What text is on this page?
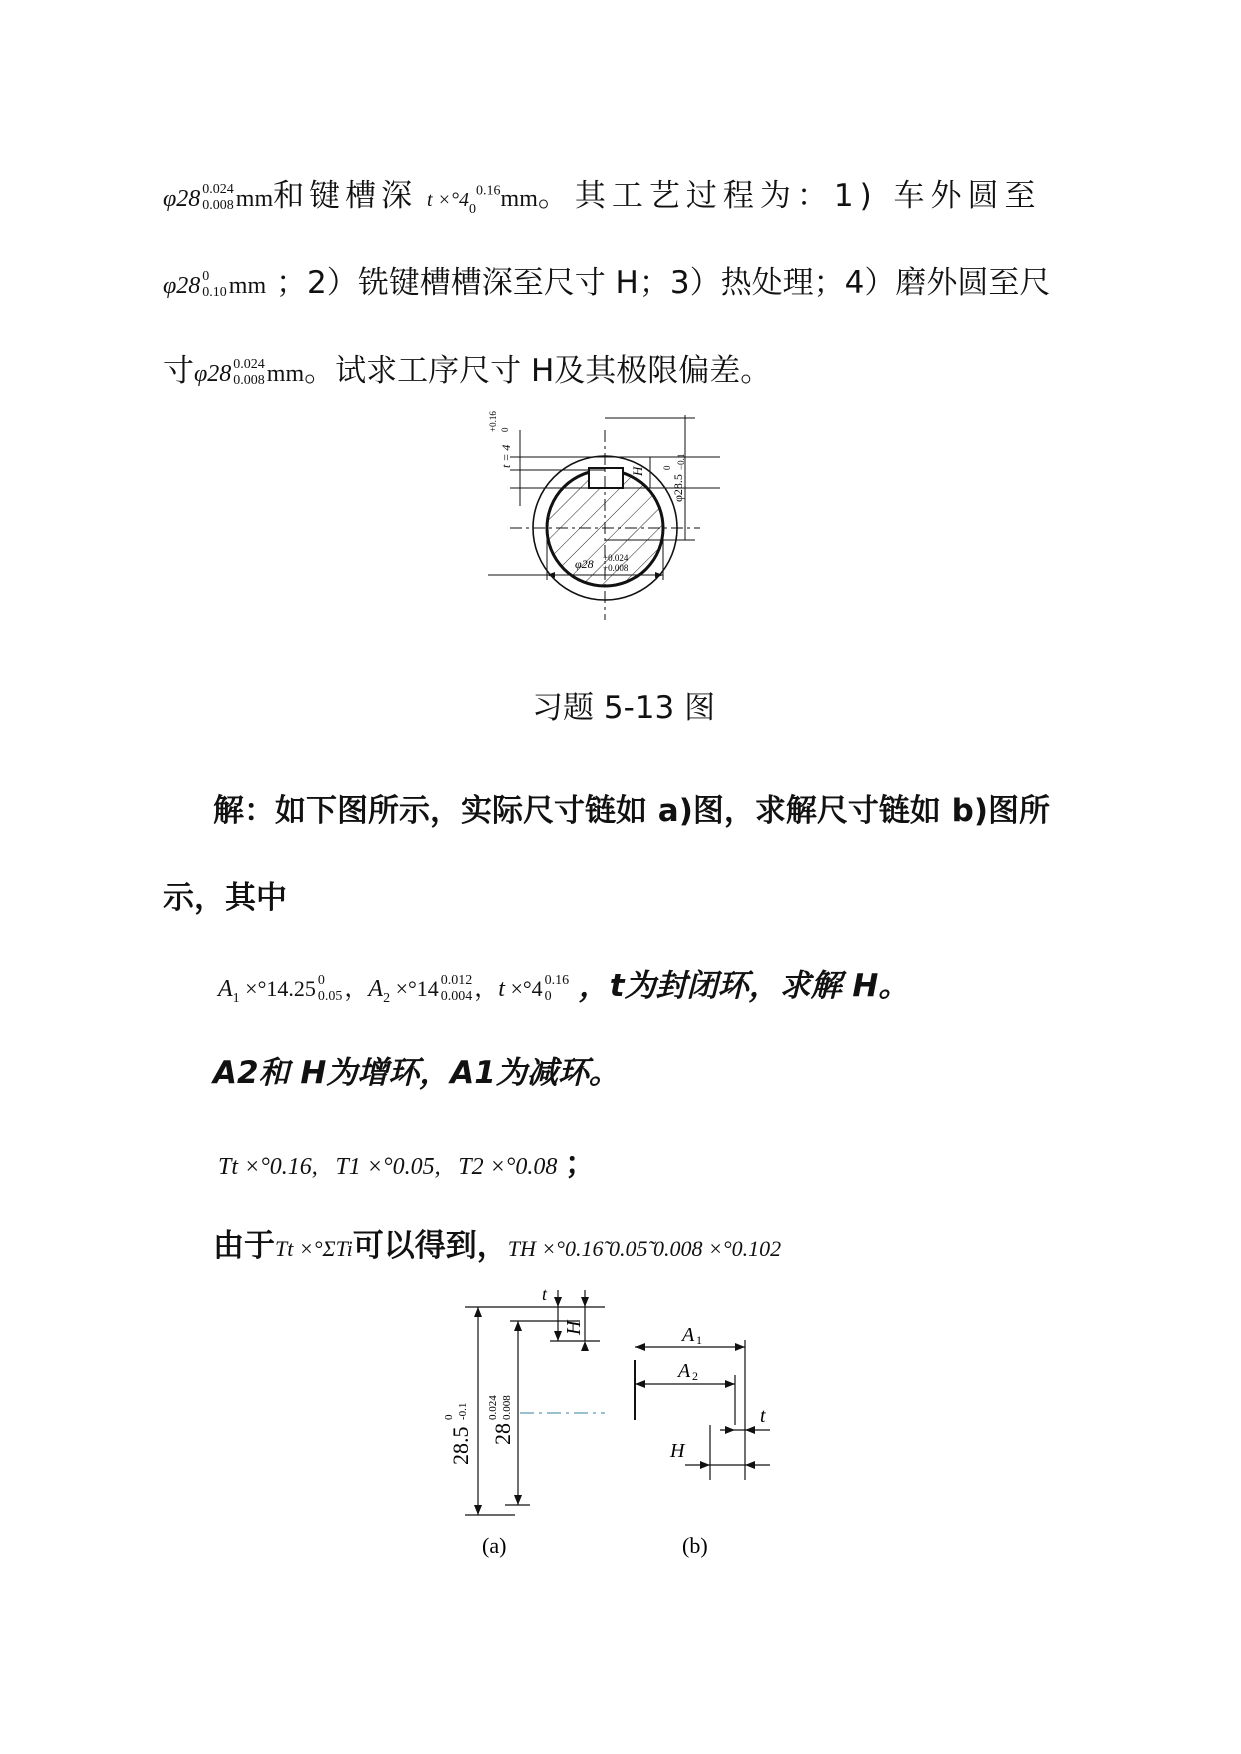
φ28 0.024
0.008 mm和键槽深 $t \times^\circ 4_0^{0.16}mm$。其工艺过程为：1) 车外圆至
φ28 0
0.10 mm ；2）铣键槽槽深至尺寸 H；3）热处理；4）磨外圆至尺
寸φ28 0.024
0.008 mm。试求工序尺寸 H及其极限偏差。
H
φ28.5
0 −0.1
t = 4
+0.16 0
φ28 +0.024
+0.008
习题 5-13 图
解：如下图所示，实际尺寸链如 a)图，求解尺寸链如 b)图所
示，其中
$A_1 \times^\circ 14.25$ 0
0.05 ，$A_2 \times^\circ 14$ 0.012
0.004 ，t ×°4 0.16
0 ，t为封闭环，求解 H。
A2和 H为增环，A1为减环。
Tt ×°0.16, T1 ×°0.05, T2 ×°0.08 ；
由于Tt ×°ΣTi可以得到，TH ×°0.16̃ 0.05̃ 0.008 ×°0.102
28.5
0 -0.1
28
0.024 0.008
t
H
(a)
A 1
A 2
t
H
(b)
